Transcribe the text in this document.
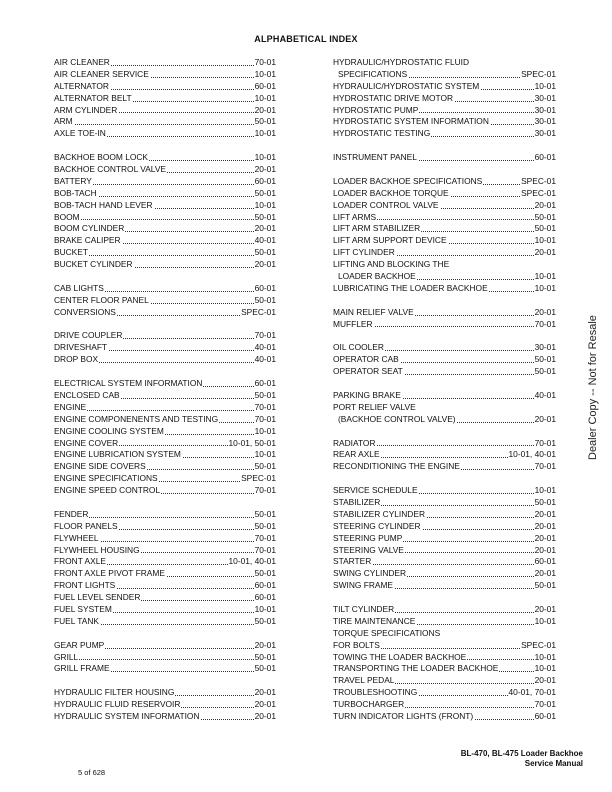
ALPHABETICAL INDEX
AIR CLEANER	70-01
AIR CLEANER SERVICE	10-01
ALTERNATOR	60-01
ALTERNATOR BELT	10-01
ARM CYLINDER	20-01
ARM	50-01
AXLE TOE-IN	10-01
BACKHOE BOOM LOCK	10-01
BACKHOE CONTROL VALVE	20-01
BATTERY	60-01
BOB-TACH	50-01
BOB-TACH HAND LEVER	10-01
BOOM	50-01
BOOM CYLINDER	20-01
BRAKE CALIPER	40-01
BUCKET	50-01
BUCKET CYLINDER	20-01
CAB LIGHTS	60-01
CENTER FLOOR PANEL	50-01
CONVERSIONS	SPEC-01
DRIVE COUPLER	70-01
DRIVESHAFT	40-01
DROP BOX	40-01
ELECTRICAL SYSTEM INFORMATION	60-01
ENCLOSED CAB	50-01
ENGINE	70-01
ENGINE COMPONENENTS AND TESTING	70-01
ENGINE COOLING SYSTEM	10-01
ENGINE COVER	10-01, 50-01
ENGINE LUBRICATION SYSTEM	10-01
ENGINE SIDE COVERS	50-01
ENGINE SPECIFICATIONS	SPEC-01
ENGINE SPEED CONTROL	70-01
FENDER	50-01
FLOOR PANELS	50-01
FLYWHEEL	70-01
FLYWHEEL HOUSING	70-01
FRONT AXLE	10-01, 40-01
FRONT AXLE PIVOT FRAME	50-01
FRONT LIGHTS	60-01
FUEL LEVEL SENDER	60-01
FUEL SYSTEM	10-01
FUEL TANK	50-01
GEAR PUMP	20-01
GRILL	50-01
GRILL FRAME	50-01
HYDRAULIC FILTER HOUSING	20-01
HYDRAULIC FLUID RESERVOIR	20-01
HYDRAULIC SYSTEM INFORMATION	20-01
HYDRAULIC/HYDROSTATIC FLUID
SPECIFICATIONS	SPEC-01
HYDRAULIC/HYDROSTATIC SYSTEM	10-01
HYDROSTATIC DRIVE MOTOR	30-01
HYDROSTATIC PUMP	30-01
HYDROSTATIC SYSTEM INFORMATION	30-01
HYDROSTATIC TESTING	30-01
INSTRUMENT PANEL	60-01
LOADER BACKHOE SPECIFICATIONS	SPEC-01
LOADER BACKHOE TORQUE	SPEC-01
LOADER CONTROL VALVE	20-01
LIFT ARMS	50-01
LIFT ARM STABILIZER	50-01
LIFT ARM SUPPORT DEVICE	10-01
LIFT CYLINDER	20-01
LIFTING AND BLOCKING THE
LOADER BACKHOE	10-01
LUBRICATING THE LOADER BACKHOE	10-01
MAIN RELIEF VALVE	20-01
MUFFLER	70-01
OIL COOLER	30-01
OPERATOR CAB	50-01
OPERATOR SEAT	50-01
PARKING BRAKE	40-01
PORT RELIEF VALVE
(BACKHOE CONTROL VALVE)	20-01
RADIATOR	70-01
REAR AXLE	10-01, 40-01
RECONDITIONING THE ENGINE	70-01
SERVICE SCHEDULE	10-01
STABILIZER	50-01
STABILIZER CYLINDER	20-01
STEERING CYLINDER	20-01
STEERING PUMP	20-01
STEERING VALVE	20-01
STARTER	60-01
SWING CYLINDER	20-01
SWING FRAME	50-01
TILT CYLINDER	20-01
TIRE MAINTENANCE	10-01
TORQUE SPECIFICATIONS
FOR BOLTS	SPEC-01
TOWING THE LOADER BACKHOE	10-01
TRANSPORTING THE LOADER BACKHOE	10-01
TRAVEL PEDAL	20-01
TROUBLESHOOTING	40-01, 70-01
TURBOCHARGER	70-01
TURN INDICATOR LIGHTS (FRONT)	60-01
Dealer Copy -- Not for Resale
BL-470, BL-475 Loader Backhoe
Service Manual
5 of 628
